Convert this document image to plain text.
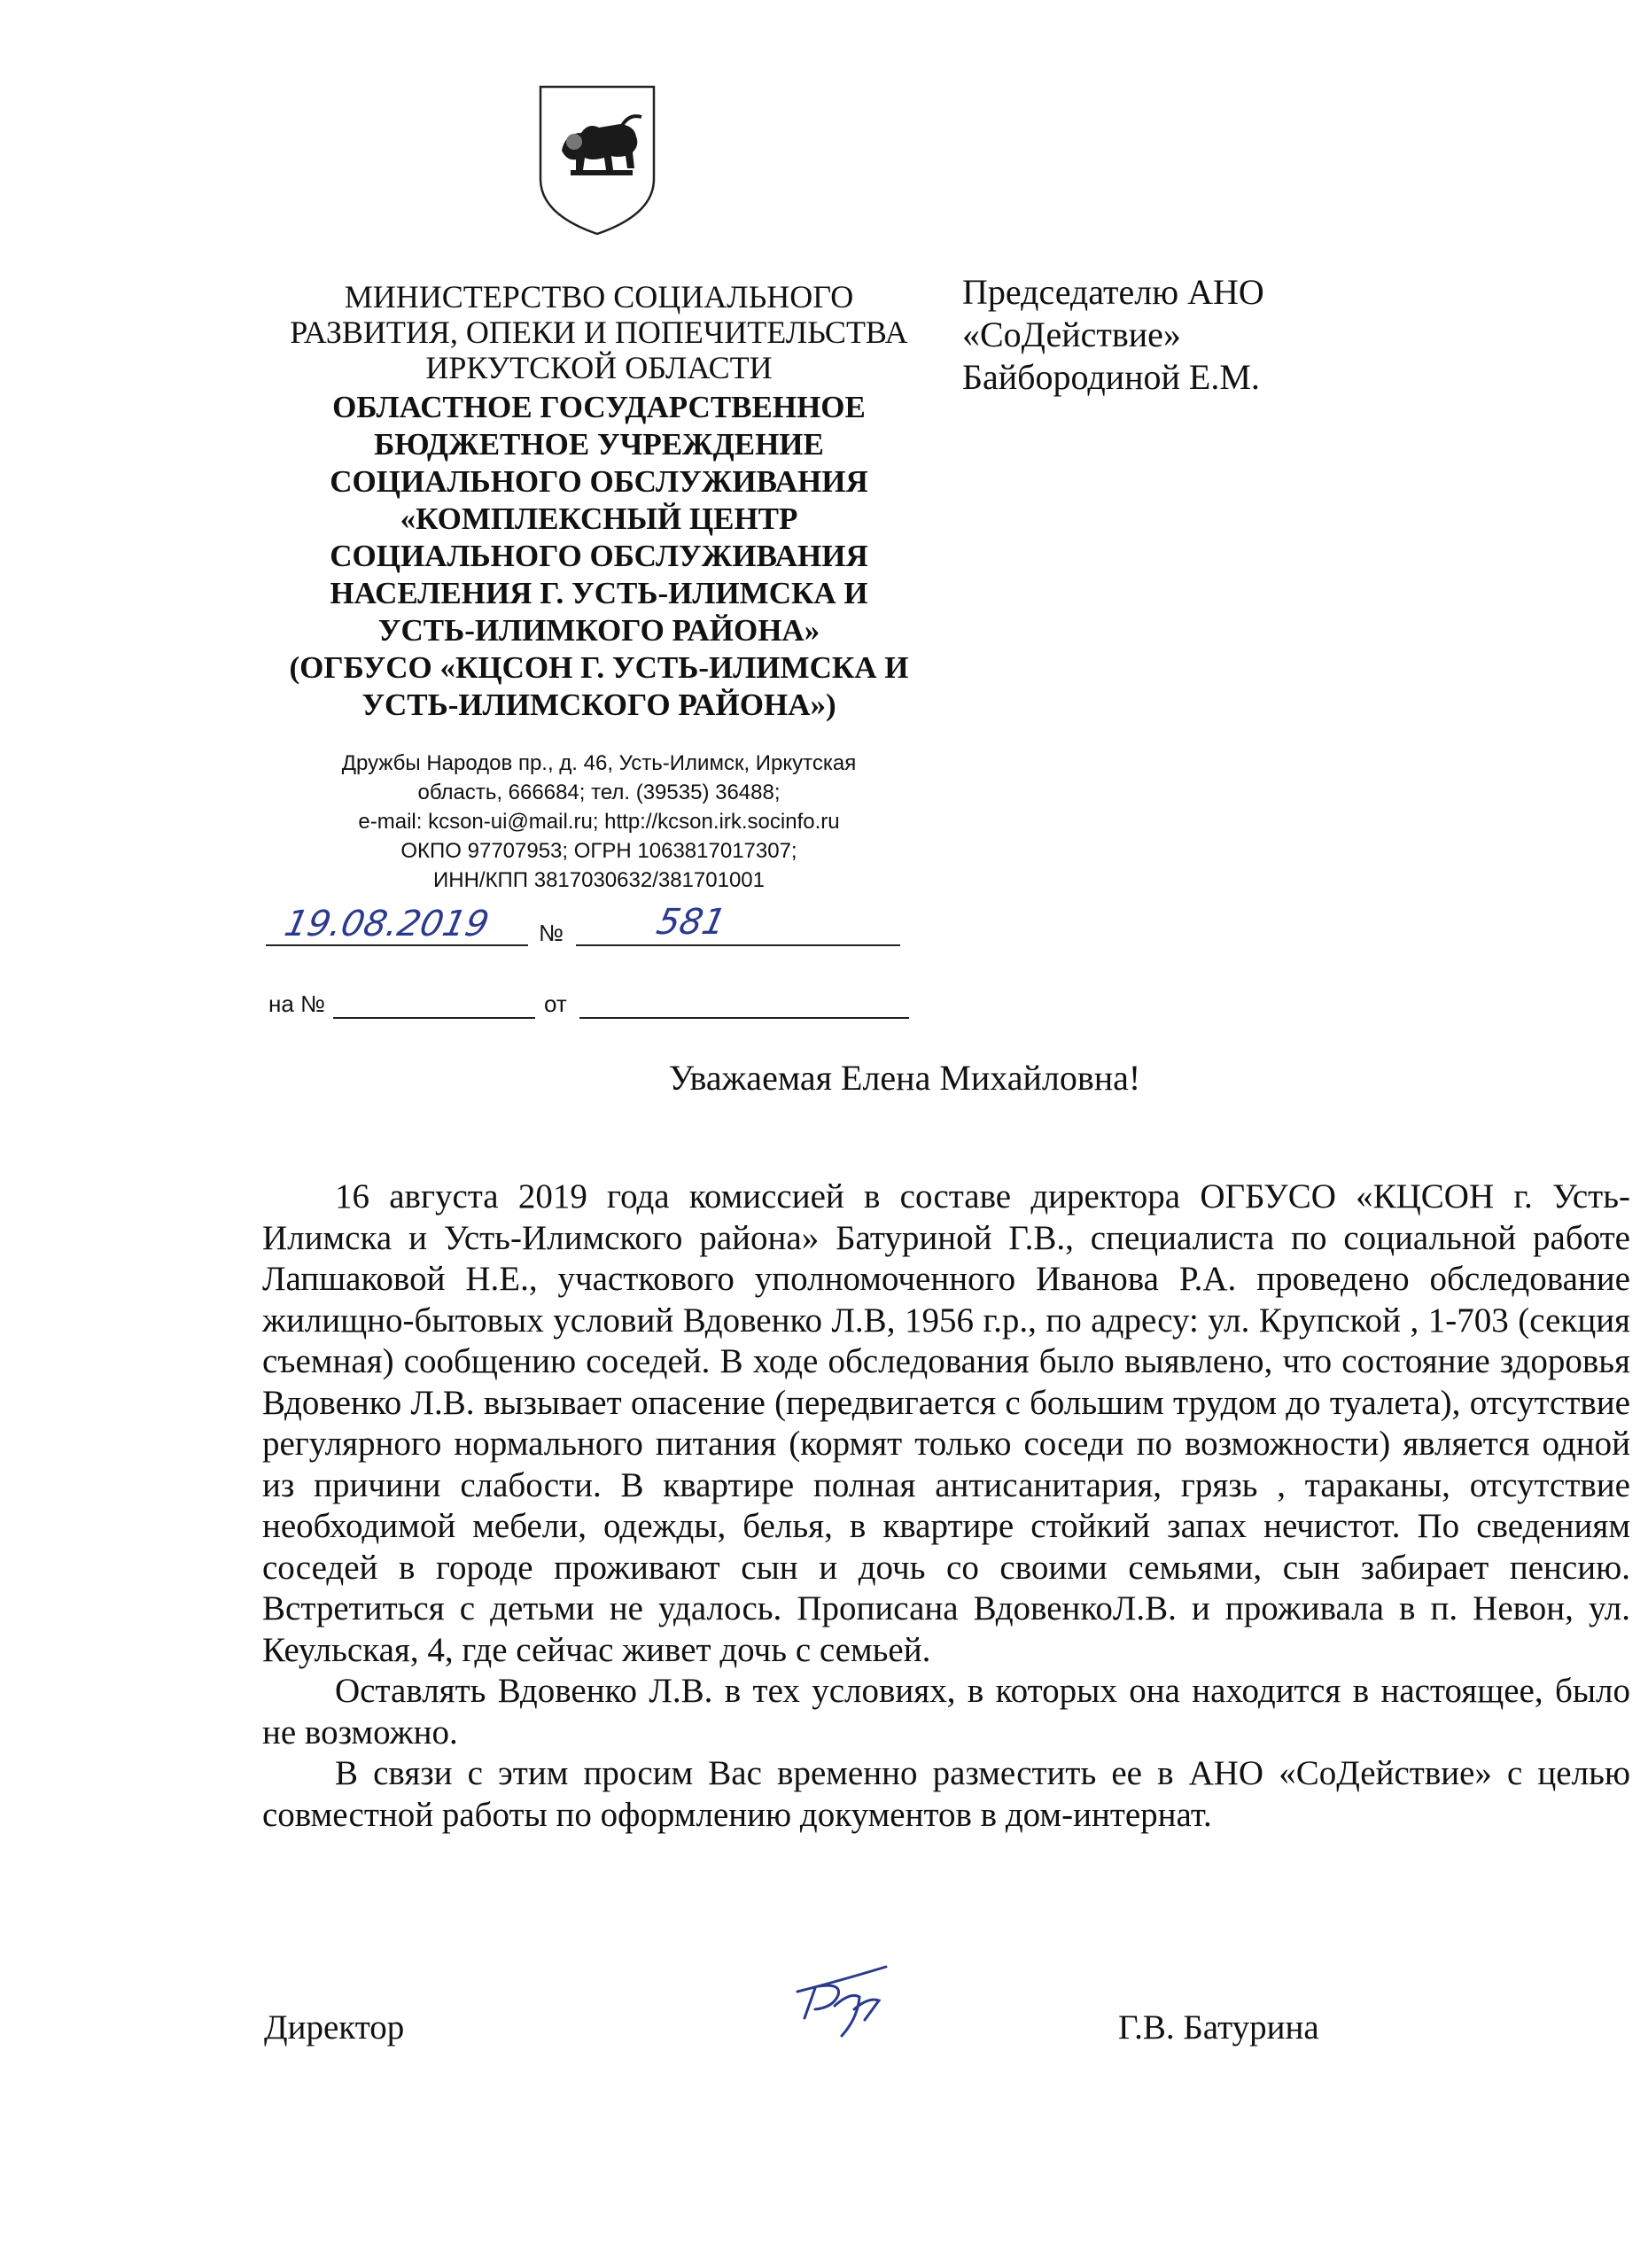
МИНИСТЕРСТВО СОЦИАЛЬНОГО
РАЗВИТИЯ, ОПЕКИ И ПОПЕЧИТЕЛЬСТВА
ИРКУТСКОЙ ОБЛАСТИ
ОБЛАСТНОЕ ГОСУДАРСТВЕННОЕ
БЮДЖЕТНОЕ УЧРЕЖДЕНИЕ
СОЦИАЛЬНОГО ОБСЛУЖИВАНИЯ
«КОМПЛЕКСНЫЙ ЦЕНТР
СОЦИАЛЬНОГО ОБСЛУЖИВАНИЯ
НАСЕЛЕНИЯ Г. УСТЬ-ИЛИМСКА И
УСТЬ-ИЛИМКОГО РАЙОНА»
(ОГБУСО «КЦСОН Г. УСТЬ-ИЛИМСКА И
УСТЬ-ИЛИМСКОГО РАЙОНА»)
Дружбы Народов пр., д. 46, Усть-Илимск, Иркутская
область, 666684; тел. (39535) 36488;
e-mail: kcson-ui@mail.ru; http://kcson.irk.socinfo.ru
ОКПО 97707953; ОГРН 1063817017307;
ИНН/КПП 3817030632/381701001
Председателю АНО
«СоДействие»
Байбородиной Е.М.
19.08.2019 №	581
на №	от
Уважаемая Елена Михайловна!

16 августа 2019 года комиссией в составе директора ОГБУСО «КЦСОН г. Усть-Илимска и Усть-Илимского района» Батуриной Г.В., специалиста по социальной работе Лапшаковой Н.Е., участкового уполномоченного Иванова Р.А. проведено обследование жилищно-бытовых условий Вдовенко Л.В, 1956 г.р., по адресу: ул. Крупской , 1-703 (секция съемная) сообщению соседей. В ходе обследования было выявлено, что состояние здоровья Вдовенко Л.В. вызывает опасение (передвигается с большим трудом до туалета), отсутствие регулярного нормального питания (кормят только соседи по возможности) является одной из причини слабости. В квартире полная антисанитария, грязь , тараканы, отсутствие необходимой мебели, одежды, белья, в квартире стойкий запах нечистот. По сведениям соседей в городе проживают сын и дочь со своими семьями, сын забирает пенсию. Встретиться с детьми не удалось. Прописана ВдовенкоЛ.В. и проживала в п. Невон, ул. Кеульская, 4, где сейчас живет дочь с семьей.

Оставлять Вдовенко Л.В. в тех условиях, в которых она находится в настоящее, было не возможно.

В связи с этим просим Вас временно разместить ее в АНО «СоДействие» с целью совместной работы по оформлению документов в дом-интернат.

Директор	Г.В. Батурина
